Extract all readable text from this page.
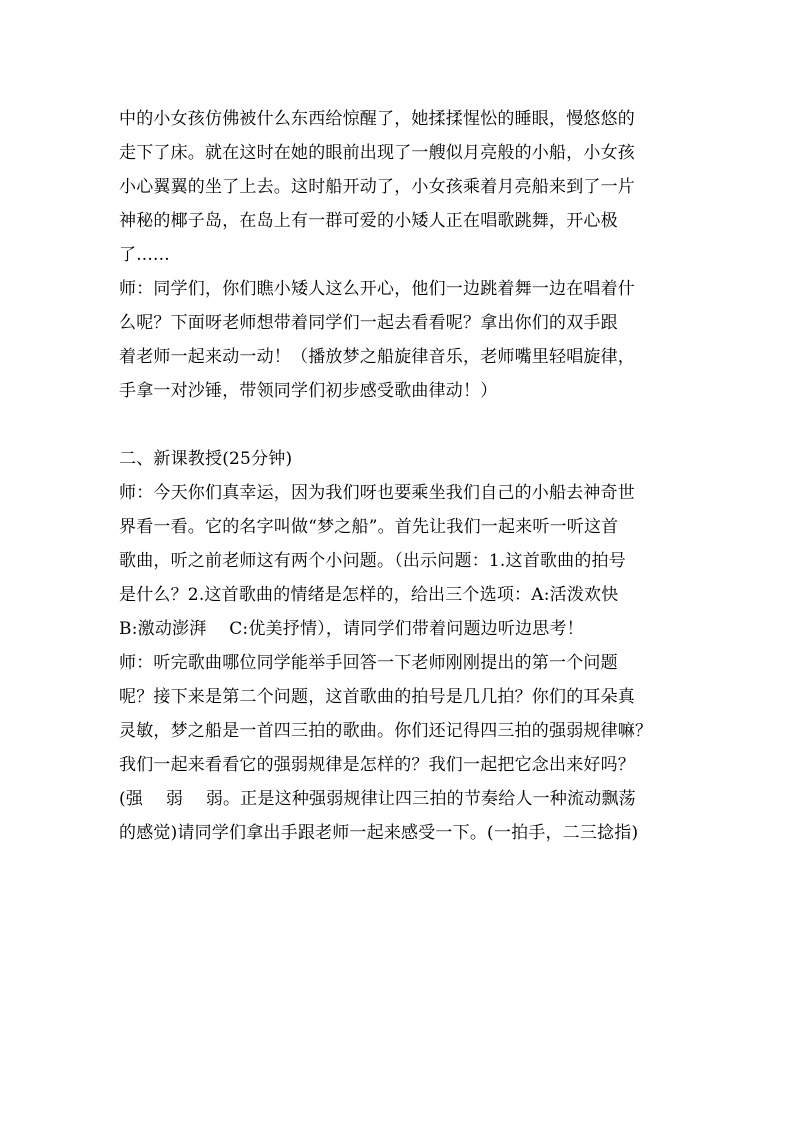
中的小女孩仿佛被什么东西给惊醒了，她揉揉惺忪的睡眼，慢悠悠的
走下了床。就在这时在她的眼前出现了一艘似月亮般的小船，小女孩
小心翼翼的坐了上去。这时船开动了，小女孩乘着月亮船来到了一片
神秘的椰子岛，在岛上有一群可爱的小矮人正在唱歌跳舞，开心极
了......
师：同学们，你们瞧小矮人这么开心，他们一边跳着舞一边在唱着什
么呢？下面呀老师想带着同学们一起去看看呢？拿出你们的双手跟
着老师一起来动一动！（播放梦之船旋律音乐，老师嘴里轻唱旋律，
手拿一对沙锤，带领同学们初步感受歌曲律动！）
二、新课教授(25分钟)
师：今天你们真幸运，因为我们呀也要乘坐我们自己的小船去神奇世
界看一看。它的名字叫做“梦之船”。首先让我们一起来听一听这首
歌曲，听之前老师这有两个小问题。（出示问题：1.这首歌曲的拍号
是什么？2.这首歌曲的情绪是怎样的，给出三个选项：A:活泼欢快
B:激动澎湃　 C:优美抒情），请同学们带着问题边听边思考！
师：听完歌曲哪位同学能举手回答一下老师刚刚提出的第一个问题
呢？接下来是第二个问题，这首歌曲的拍号是几几拍？你们的耳朵真
灵敏，梦之船是一首四三拍的歌曲。你们还记得四三拍的强弱规律嘛？
我们一起来看看它的强弱规律是怎样的？我们一起把它念出来好吗？
(强　 弱　 弱。正是这种强弱规律让四三拍的节奏给人一种流动飘荡
的感觉)请同学们拿出手跟老师一起来感受一下。(一拍手，二三捻指)
